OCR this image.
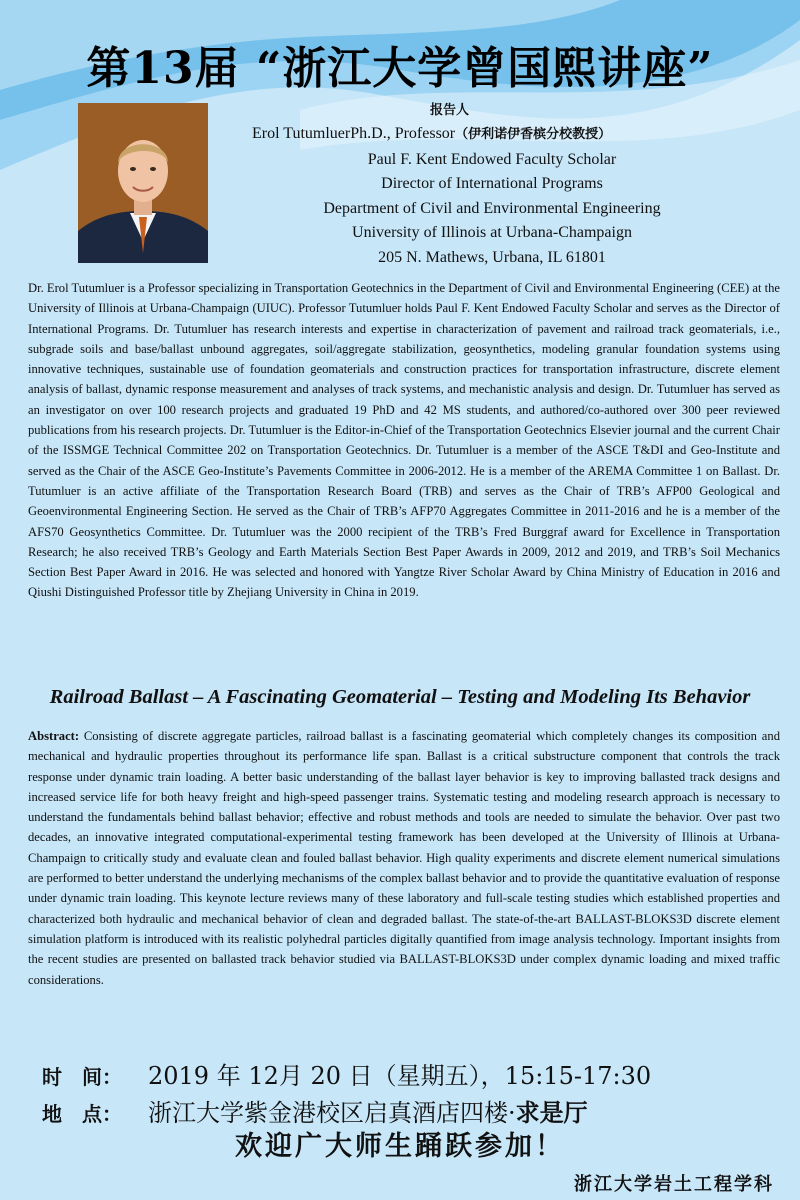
第13届 “浙江大学曾国熙讲座”
报告人
Erol TutumluerPh.D., Professor（伊利诺伊香槟分校教授）
Paul F. Kent Endowed Faculty Scholar
Director of International Programs
Department of Civil and Environmental Engineering
University of Illinois at Urbana-Champaign
205 N. Mathews, Urbana, IL 61801
Dr. Erol Tutumluer is a Professor specializing in Transportation Geotechnics in the Department of Civil and Environmental Engineering (CEE) at the University of Illinois at Urbana-Champaign (UIUC). Professor Tutumluer holds Paul F. Kent Endowed Faculty Scholar and serves as the Director of International Programs. Dr. Tutumluer has research interests and expertise in characterization of pavement and railroad track geomaterials, i.e., subgrade soils and base/ballast unbound aggregates, soil/aggregate stabilization, geosynthetics, modeling granular foundation systems using innovative techniques, sustainable use of foundation geomaterials and construction practices for transportation infrastructure, discrete element analysis of ballast, dynamic response measurement and analyses of track systems, and mechanistic analysis and design. Dr. Tutumluer has served as an investigator on over 100 research projects and graduated 19 PhD and 42 MS students, and authored/co-authored over 300 peer reviewed publications from his research projects. Dr. Tutumluer is the Editor-in-Chief of the Transportation Geotechnics Elsevier journal and the current Chair of the ISSMGE Technical Committee 202 on Transportation Geotechnics. Dr. Tutumluer is a member of the ASCE T&DI and Geo-Institute and served as the Chair of the ASCE Geo-Institute’s Pavements Committee in 2006-2012. He is a member of the AREMA Committee 1 on Ballast. Dr. Tutumluer is an active affiliate of the Transportation Research Board (TRB) and serves as the Chair of TRB’s AFP00 Geological and Geoenvironmental Engineering Section. He served as the Chair of TRB’s AFP70 Aggregates Committee in 2011-2016 and he is a member of the AFS70 Geosynthetics Committee. Dr. Tutumluer was the 2000 recipient of the TRB’s Fred Burggraf award for Excellence in Transportation Research; he also received TRB’s Geology and Earth Materials Section Best Paper Awards in 2009, 2012 and 2019, and TRB’s Soil Mechanics Section Best Paper Award in 2016. He was selected and honored with Yangtze River Scholar Award by China Ministry of Education in 2016 and Qiushi Distinguished Professor title by Zhejiang University in China in 2019.
Railroad Ballast – A Fascinating Geomaterial – Testing and Modeling Its Behavior
Abstract: Consisting of discrete aggregate particles, railroad ballast is a fascinating geomaterial which completely changes its composition and mechanical and hydraulic properties throughout its performance life span. Ballast is a critical substructure component that controls the track response under dynamic train loading. A better basic understanding of the ballast layer behavior is key to improving ballasted track designs and increased service life for both heavy freight and high-speed passenger trains. Systematic testing and modeling research approach is necessary to understand the fundamentals behind ballast behavior; effective and robust methods and tools are needed to simulate the behavior. Over past two decades, an innovative integrated computational-experimental testing framework has been developed at the University of Illinois at Urbana-Champaign to critically study and evaluate clean and fouled ballast behavior. High quality experiments and discrete element numerical simulations are performed to better understand the underlying mechanisms of the complex ballast behavior and to provide the quantitative evaluation of response under dynamic train loading. This keynote lecture reviews many of these laboratory and full-scale testing studies which established properties and characterized both hydraulic and mechanical behavior of clean and degraded ballast. The state-of-the-art BALLAST-BLOKS3D discrete element simulation platform is introduced with its realistic polyhedral particles digitally quantified from image analysis technology. Important insights from the recent studies are presented on ballasted track behavior studied via BALLAST-BLOKS3D under complex dynamic loading and mixed traffic considerations.
时　间： 2019 年 12月 20 日（星期五），15:15-17:30
地　点： 浙江大学紫金港校区启真酒店四楼·求是厅
欢迎广大师生踊跃参加！
浙江大学岩土工程学科
